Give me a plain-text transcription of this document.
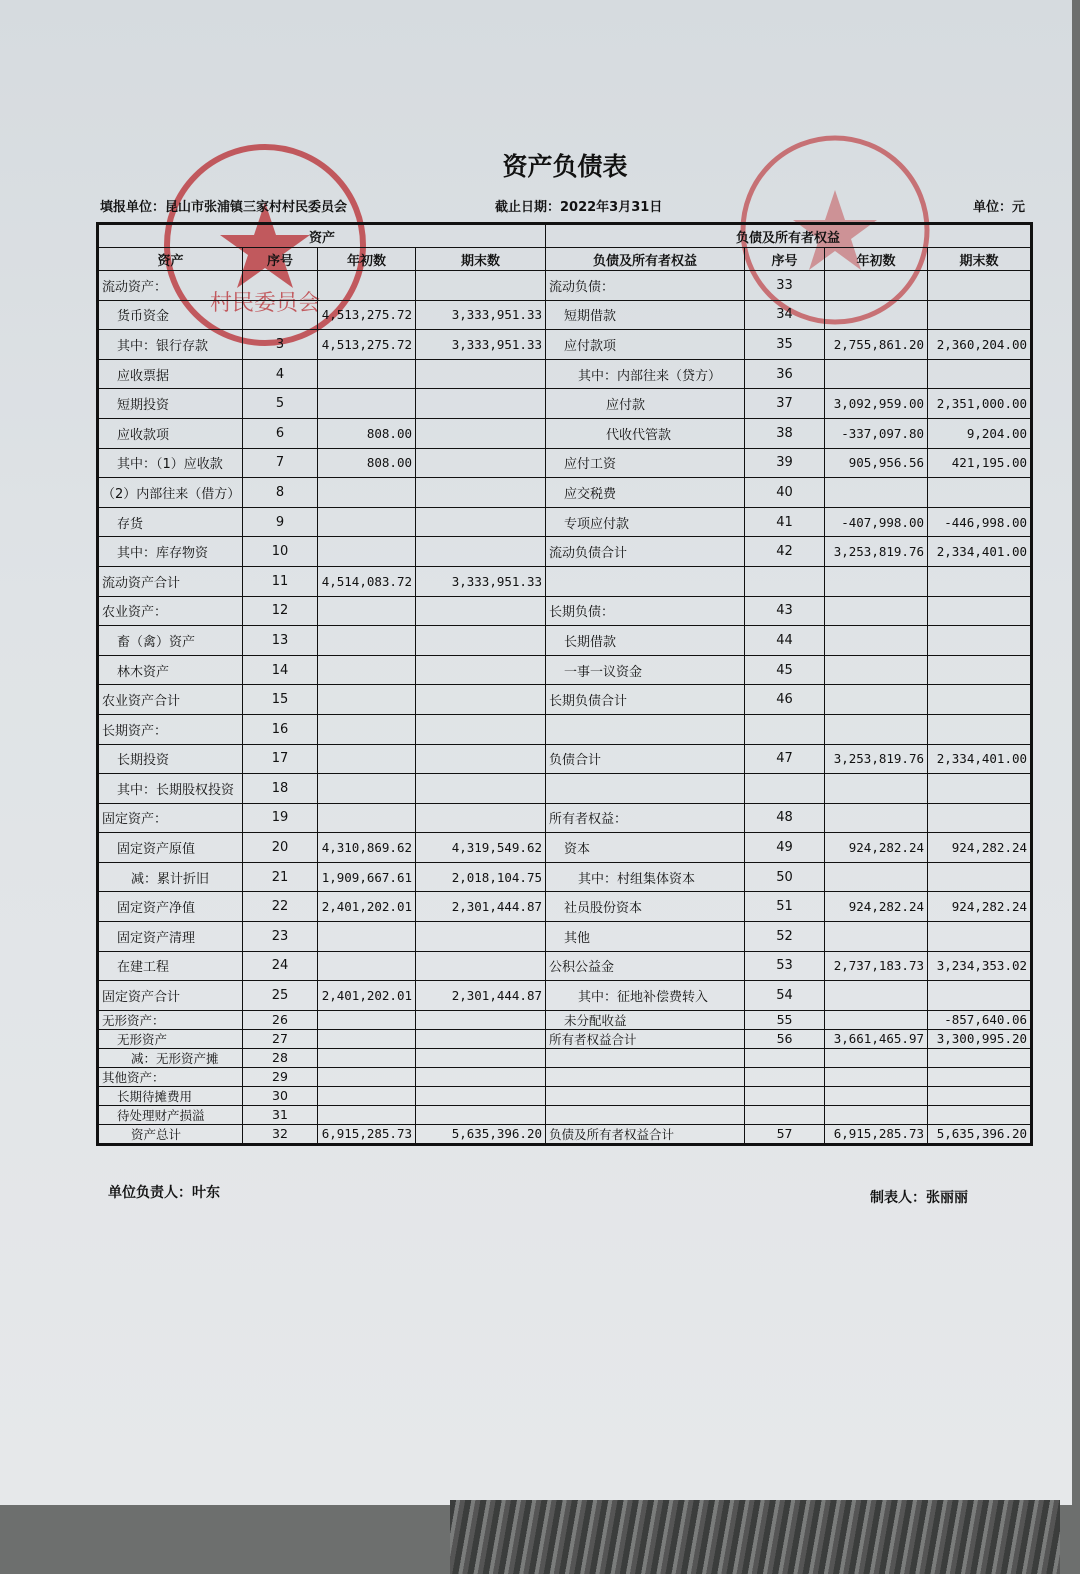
村民委员会
资产负债表
填报单位：昆山市张浦镇三家村村民委员会	截止日期：2022年3月31日	单位：元
资产				负债及所有者权益			
资产	序号	年初数	期末数	负债及所有者权益	序号	年初数	期末数
流动资产：				流动负债：	33		
货币资金		4,513,275.72	3,333,951.33	短期借款	34		
其中：银行存款	3	4,513,275.72	3,333,951.33	应付款项	35	2,755,861.20	2,360,204.00
应收票据	4			其中：内部往来（贷方）	36		
短期投资	5			应付款	37	3,092,959.00	2,351,000.00
应收款项	6	808.00		代收代管款	38	-337,097.80	9,204.00
其中：（1）应收款	7	808.00		应付工资	39	905,956.56	421,195.00
（2）内部往来（借方）	8			应交税费	40		
存货	9			专项应付款	41	-407,998.00	-446,998.00
其中：库存物资	10			流动负债合计	42	3,253,819.76	2,334,401.00
流动资产合计	11	4,514,083.72	3,333,951.33				
农业资产：	12			长期负债：	43		
畜（禽）资产	13			长期借款	44		
林木资产	14			一事一议资金	45		
农业资产合计	15			长期负债合计	46		
长期资产：	16						
长期投资	17			负债合计	47	3,253,819.76	2,334,401.00
其中：长期股权投资	18						
固定资产：	19			所有者权益：	48		
固定资产原值	20	4,310,869.62	4,319,549.62	资本	49	924,282.24	924,282.24
减：累计折旧	21	1,909,667.61	2,018,104.75	其中：村组集体资本	50		
固定资产净值	22	2,401,202.01	2,301,444.87	社员股份资本	51	924,282.24	924,282.24
固定资产清理	23			其他	52		
在建工程	24			公积公益金	53	2,737,183.73	3,234,353.02
固定资产合计	25	2,401,202.01	2,301,444.87	其中：征地补偿费转入	54		
无形资产：	26			未分配收益	55		-857,640.06
无形资产	27			所有者权益合计	56	3,661,465.97	3,300,995.20
减：无形资产摊	28						
其他资产：	29						
长期待摊费用	30						
待处理财产损溢	31						
资产总计	32	6,915,285.73	5,635,396.20	负债及所有者权益合计	57	6,915,285.73	5,635,396.20
单位负责人：叶东	制表人：张丽丽
